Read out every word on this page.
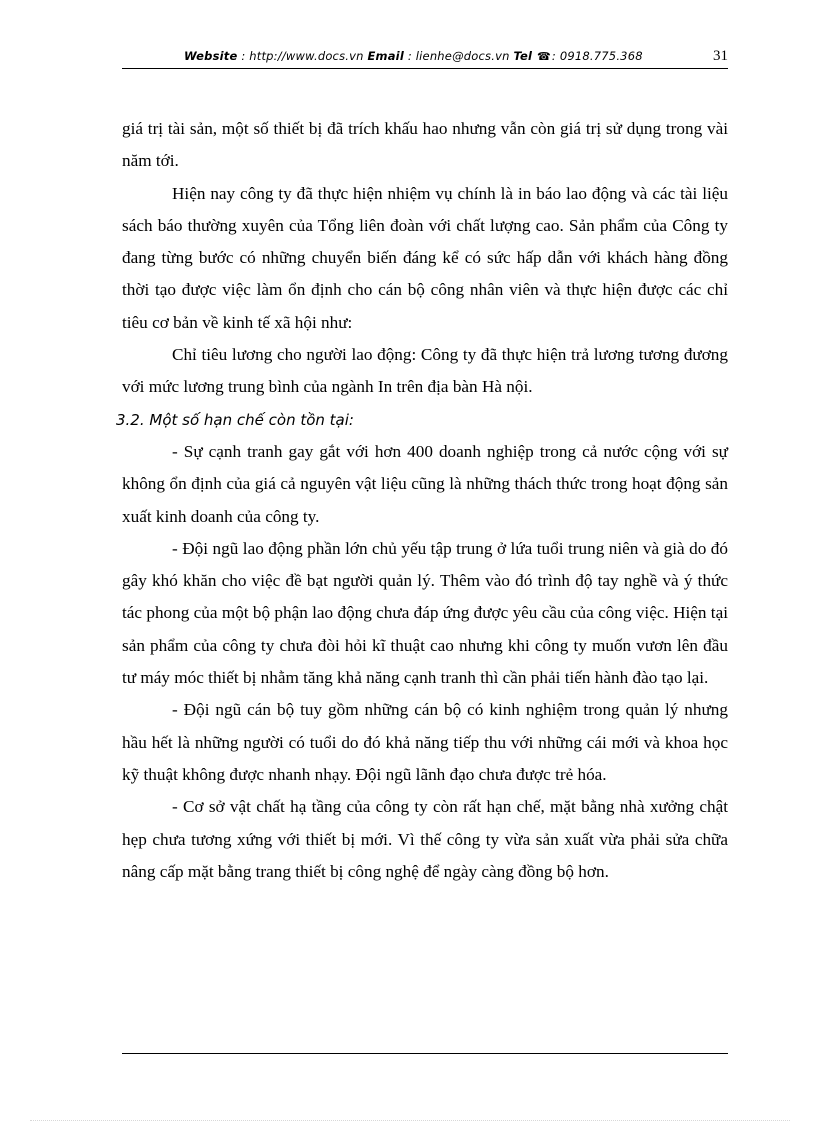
Website : http://www.docs.vn Email : lienhe@docs.vn Tel ☎: 0918.775.368	31

giá trị tài sản, một số thiết bị đã trích khấu hao nhưng vẫn còn giá trị sử dụng trong vài năm tới.

Hiện nay công ty đã thực hiện nhiệm vụ chính là in báo lao động và các tài liệu sách báo thường xuyên của Tổng liên đoàn với chất lượng cao. Sản phẩm của Công ty đang từng bước có những chuyển biến đáng kể có sức hấp dẫn với khách hàng đồng thời tạo được việc làm ổn định cho cán bộ công nhân viên và thực hiện được các chỉ tiêu cơ bản về kinh tế xã hội như:

Chỉ tiêu lương cho người lao động: Công ty đã thực hiện trả lương tương đương với mức lương trung bình của ngành In trên địa bàn Hà nội.

3.2. Một số hạn chế còn tồn tại:

- Sự cạnh tranh gay gắt với hơn 400 doanh nghiệp trong cả nước cộng với sự không ổn định của giá cả nguyên vật liệu cũng là những thách thức trong hoạt động sản xuất kinh doanh của công ty.

- Đội ngũ lao động phần lớn chủ yếu tập trung ở lứa tuổi trung niên và già do đó gây khó khăn cho việc đề bạt người quản lý. Thêm vào đó trình độ tay nghề và ý thức tác phong của một bộ phận lao động chưa đáp ứng được yêu cầu của công việc. Hiện tại sản phẩm của công ty chưa đòi hỏi kĩ thuật cao nhưng khi công ty muốn vươn lên đầu tư máy móc thiết bị nhằm tăng khả năng cạnh tranh thì cần phải tiến hành đào tạo lại.

- Đội ngũ cán bộ tuy gồm những cán bộ có kinh nghiệm trong quản lý nhưng hầu hết là những người có tuổi do đó khả năng tiếp thu với những cái mới và khoa học kỹ thuật không được nhanh nhạy. Đội ngũ lãnh đạo chưa được trẻ hóa.

- Cơ sở vật chất hạ tầng của công ty còn rất hạn chế, mặt bằng nhà xưởng chật hẹp chưa tương xứng với thiết bị mới. Vì thế công ty vừa sản xuất vừa phải sửa chữa nâng cấp mặt bằng trang thiết bị công nghệ để ngày càng đồng bộ hơn.
